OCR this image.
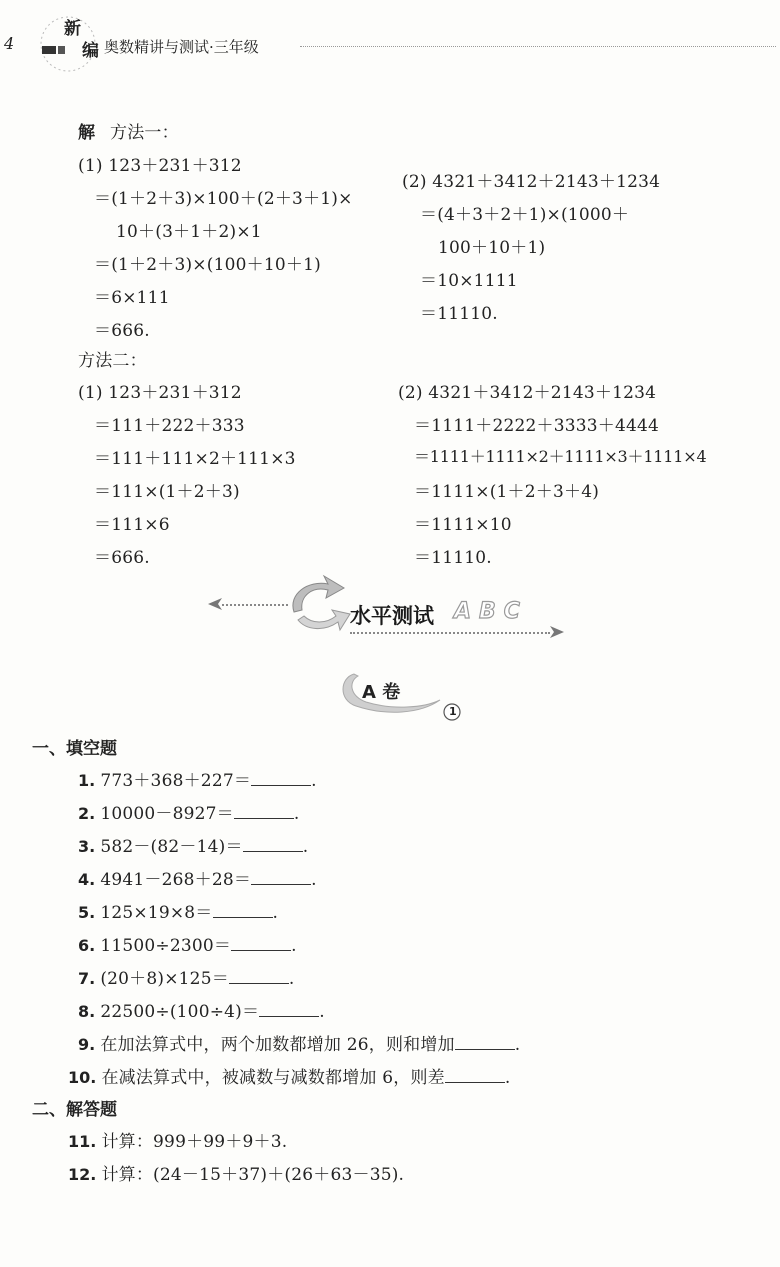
4
新
编 奥数精讲与测试·三年级
解 方法一：
(1) 123＋231＋312
＝(1＋2＋3)×100＋(2＋3＋1)×
10＋(3＋1＋2)×1
＝(1＋2＋3)×(100＋10＋1)
＝6×111
＝666.
(2) 4321＋3412＋2143＋1234
＝(4＋3＋2＋1)×(1000＋
100＋10＋1)
＝10×1111
＝11110.
方法二：
(1) 123＋231＋312
＝111＋222＋333
＝111＋111×2＋111×3
＝111×(1＋2＋3)
＝111×6
＝666.
(2) 4321＋3412＋2143＋1234
＝1111＋2222＋3333＋4444
＝1111＋1111×2＋1111×3＋1111×4
＝1111×(1＋2＋3＋4)
＝1111×10
＝11110.
水平测试 ABC
A 卷
1
一、填空题
1. 773＋368＋227＝	.
2. 10000－8927＝	.
3. 582－(82－14)＝	.
4. 4941－268＋28＝	.
5. 125×19×8＝	.
6. 11500÷2300＝	.
7. (20＋8)×125＝	.
8. 22500÷(100÷4)＝	.
9. 在加法算式中，两个加数都增加 26，则和增加	.
10. 在减法算式中，被减数与减数都增加 6，则差	.
二、解答题
11. 计算：999＋99＋9＋3.
12. 计算：(24－15＋37)＋(26＋63－35).
